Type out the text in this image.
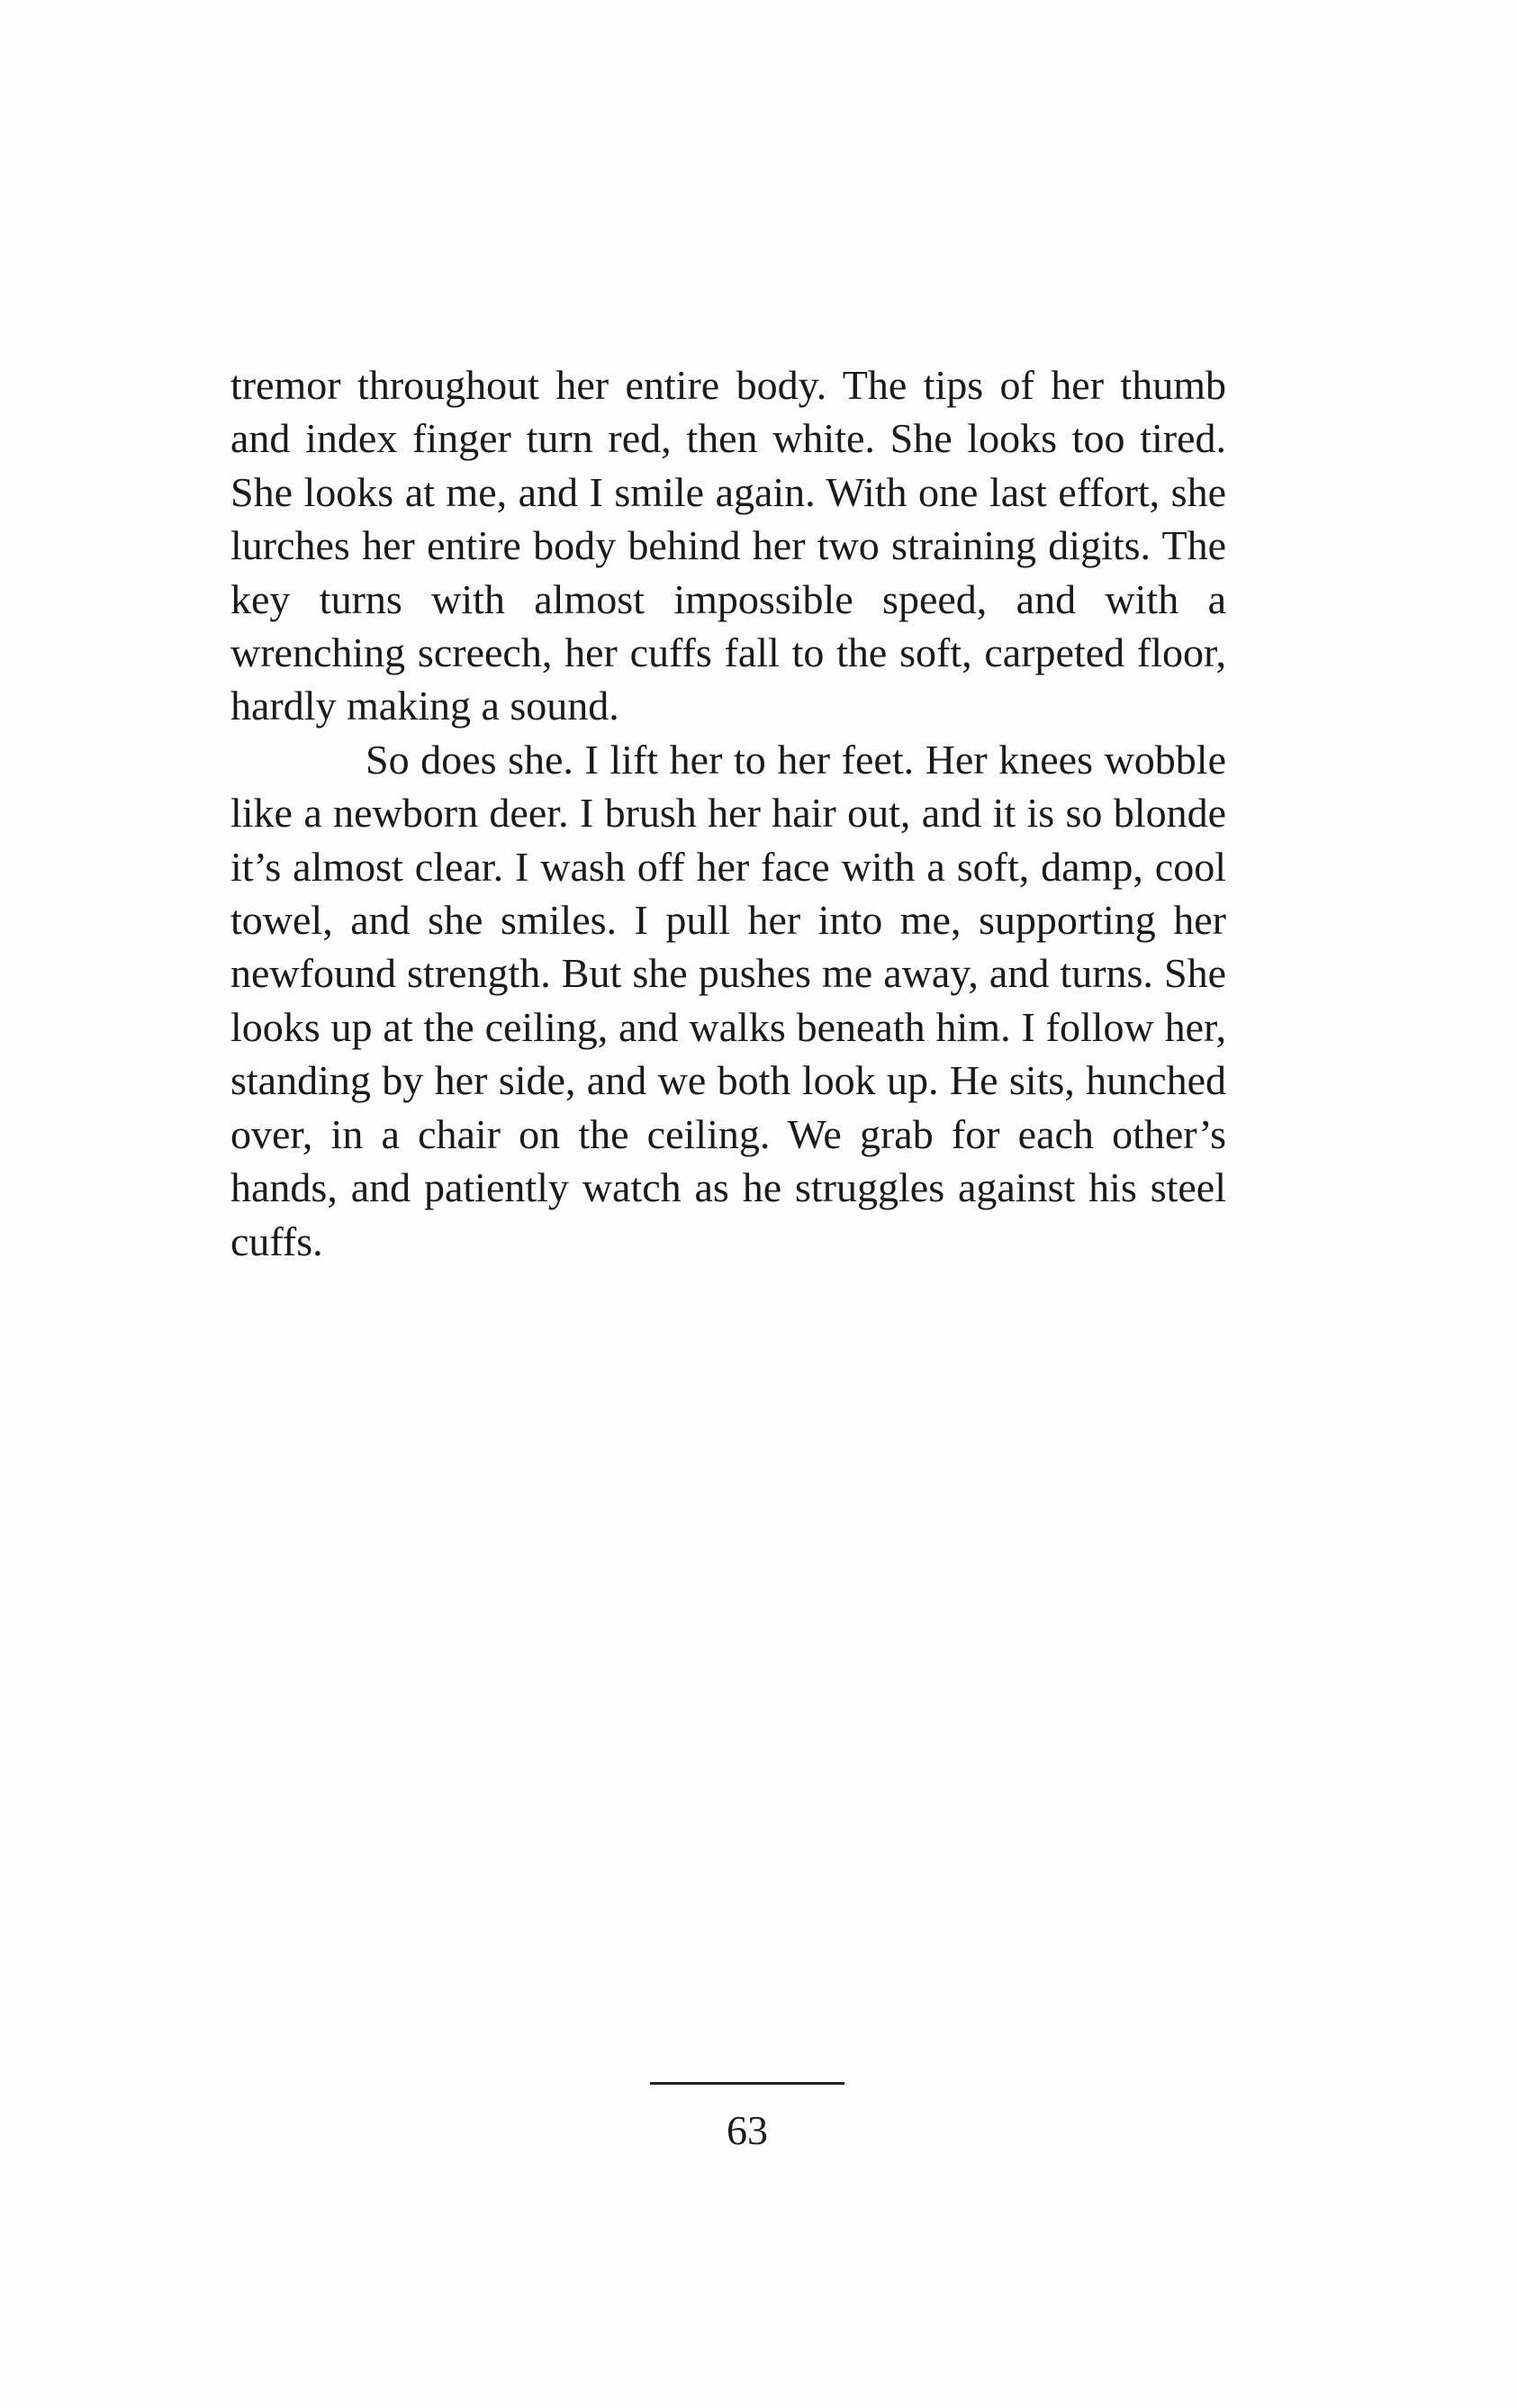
tremor throughout her entire body. The tips of her thumb and index finger turn red, then white. She looks too tired. She looks at me, and I smile again. With one last effort, she lurches her entire body behind her two straining digits. The key turns with almost impossible speed, and with a wrenching screech, her cuffs fall to the soft, carpeted floor, hardly making a sound.

So does she. I lift her to her feet. Her knees wobble like a newborn deer. I brush her hair out, and it is so blonde it’s almost clear. I wash off her face with a soft, damp, cool towel, and she smiles. I pull her into me, supporting her newfound strength. But she pushes me away, and turns. She looks up at the ceiling, and walks beneath him. I follow her, standing by her side, and we both look up. He sits, hunched over, in a chair on the ceiling. We grab for each other’s hands, and patiently watch as he struggles against his steel cuffs.

63
